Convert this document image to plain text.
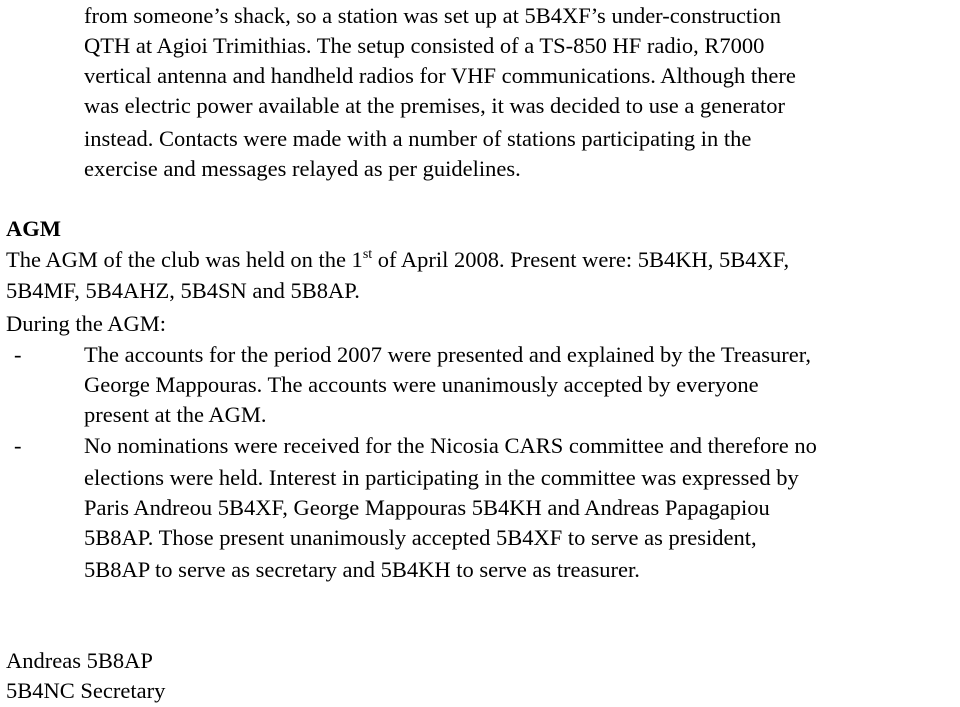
from someone’s shack, so a station was set up at 5B4XF’s under-construction

QTH at Agioi Trimithias. The setup consisted of a TS-850 HF radio, R7000

vertical antenna and handheld radios for VHF communications. Although there

was electric power available at the premises, it was decided to use a generator

instead. Contacts were made with a number of stations participating in the

exercise and messages relayed as per guidelines.

AGM

The AGM of the club was held on the 1st of April 2008. Present were: 5B4KH, 5B4XF,

5B4MF, 5B4AHZ, 5B4SN and 5B8AP.

During the AGM:

-	The accounts for the period 2007 were presented and explained by the Treasurer,

George Mappouras. The accounts were unanimously accepted by everyone

present at the AGM.

-	No nominations were received for the Nicosia CARS committee and therefore no

elections were held. Interest in participating in the committee was expressed by

Paris Andreou 5B4XF, George Mappouras 5B4KH and Andreas Papagapiou

5B8AP. Those present unanimously accepted 5B4XF to serve as president,

5B8AP to serve as secretary and 5B4KH to serve as treasurer.

Andreas 5B8AP

5B4NC Secretary
